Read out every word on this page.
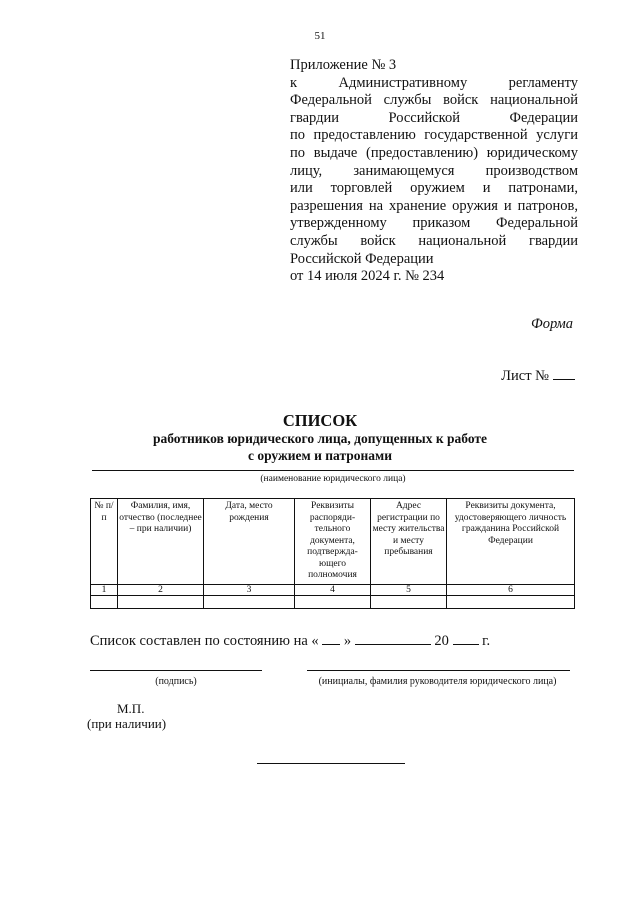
51
Приложение № 3
к Административному регламенту
Федеральной службы войск национальной
гвардии Российской Федерации
по предоставлению государственной услуги
по выдаче (предоставлению) юридическому
лицу, занимающемуся производством
или торговлей оружием и патронами,
разрешения на хранение оружия и патронов,
утвержденному приказом Федеральной
службы войск национальной гвардии
Российской Федерации
от 14 июля 2024 г. № 234
Форма
Лист №
СПИСОК
работников юридического лица, допущенных к работе
с оружием и патронами
(наименование юридического лица)
№ п/п	Фамилия, имя, отчество (последнее – при наличии)	Дата, место рождения	Реквизиты распоряди-тельного документа, подтвержда-ющего полномочия	Адрес регистрации по месту жительства и месту пребывания	Реквизиты документа, удостоверяющего личность гражданина Российской Федерации
1	2	3	4	5	6

Список составлен по состоянию на « »	20 г.
(подпись)	(инициалы, фамилия руководителя юридического лица)
М.П.
(при наличии)
